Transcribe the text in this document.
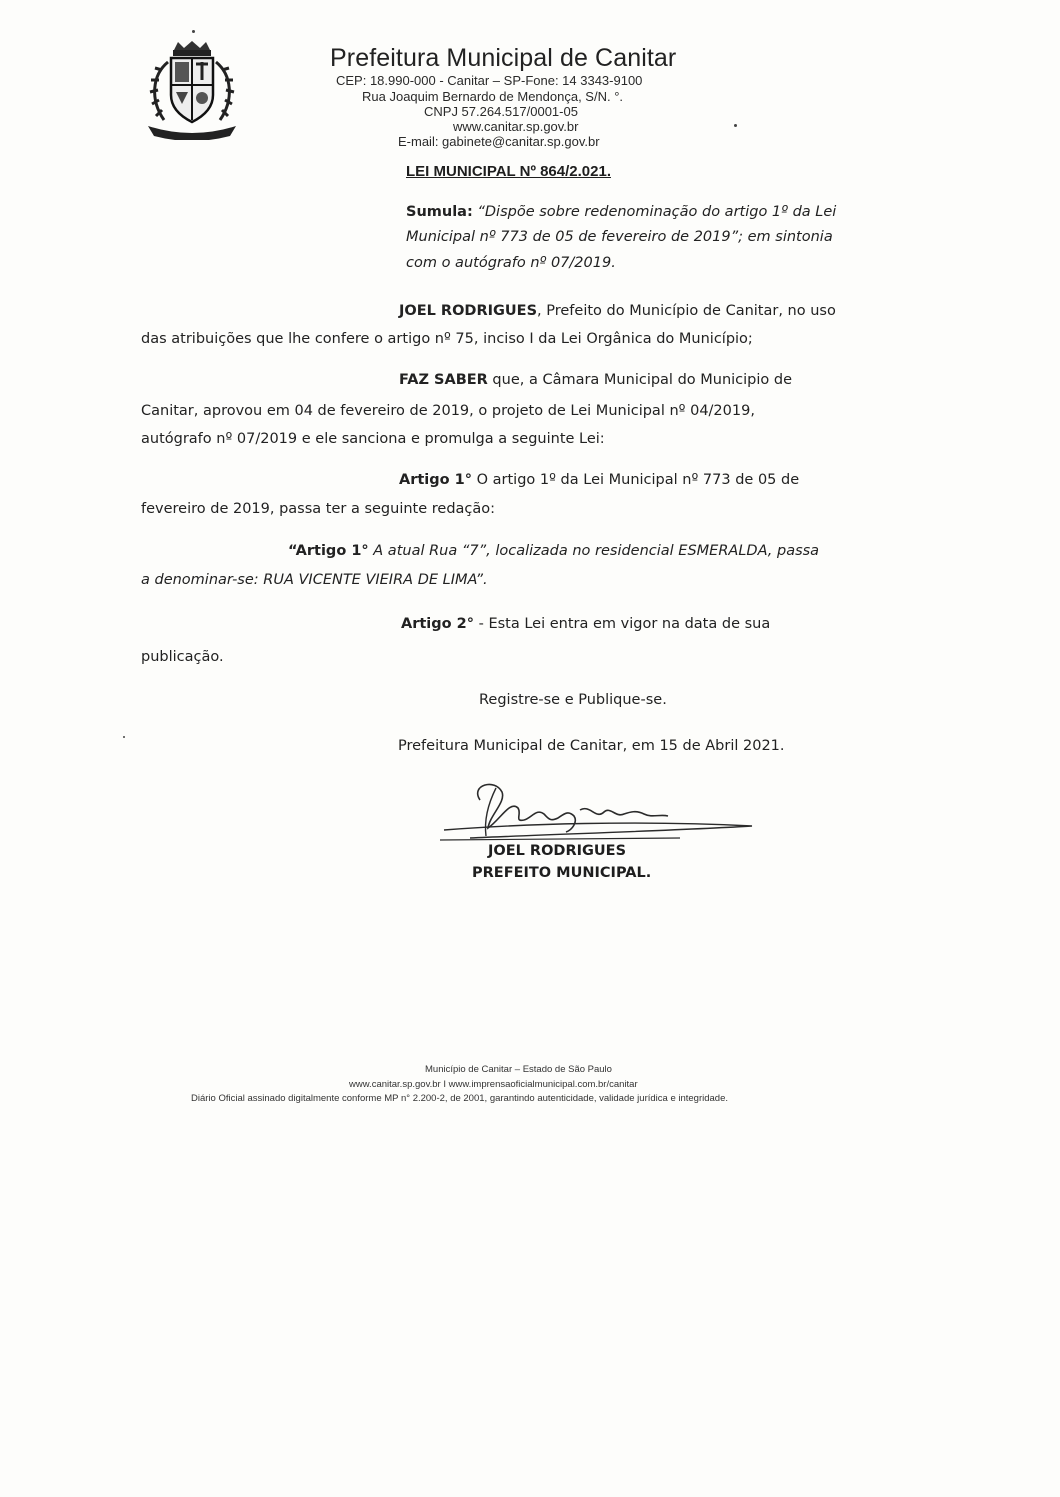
Prefeitura Municipal de Canitar
CEP: 18.990-000 - Canitar – SP-Fone: 14 3343-9100
Rua Joaquim Bernardo de Mendonça, S/N. °.
CNPJ 57.264.517/0001-05
www.canitar.sp.gov.br
E-mail: gabinete@canitar.sp.gov.br
LEI MUNICIPAL Nº 864/2.021.
Sumula: “Dispõe sobre redenominação do artigo 1º da Lei
Municipal nº 773 de 05 de fevereiro de 2019”; em sintonia
com o autógrafo nº 07/2019.
JOEL RODRIGUES, Prefeito do Município de Canitar, no uso
das atribuições que lhe confere o artigo nº 75, inciso I da Lei Orgânica do Município;
FAZ SABER que, a Câmara Municipal do Municipio de
Canitar, aprovou em 04 de fevereiro de 2019, o projeto de Lei Municipal nº 04/2019,
autógrafo nº 07/2019 e ele sanciona e promulga a seguinte Lei:
Artigo 1° O artigo 1º da Lei Municipal nº 773 de 05 de
fevereiro de 2019, passa ter a seguinte redação:
“Artigo 1° A atual Rua “7”, localizada no residencial ESMERALDA, passa
a denominar-se: RUA VICENTE VIEIRA DE LIMA”.
Artigo 2° - Esta Lei entra em vigor na data de sua
publicação.
Registre-se e Publique-se.
Prefeitura Municipal de Canitar, em 15 de Abril 2021.
JOEL RODRIGUES
PREFEITO MUNICIPAL.
Município de Canitar – Estado de São Paulo
www.canitar.sp.gov.br I www.imprensaoficialmunicipal.com.br/canitar
Diário Oficial assinado digitalmente conforme MP n° 2.200-2, de 2001, garantindo autenticidade, validade jurídica e integridade.
